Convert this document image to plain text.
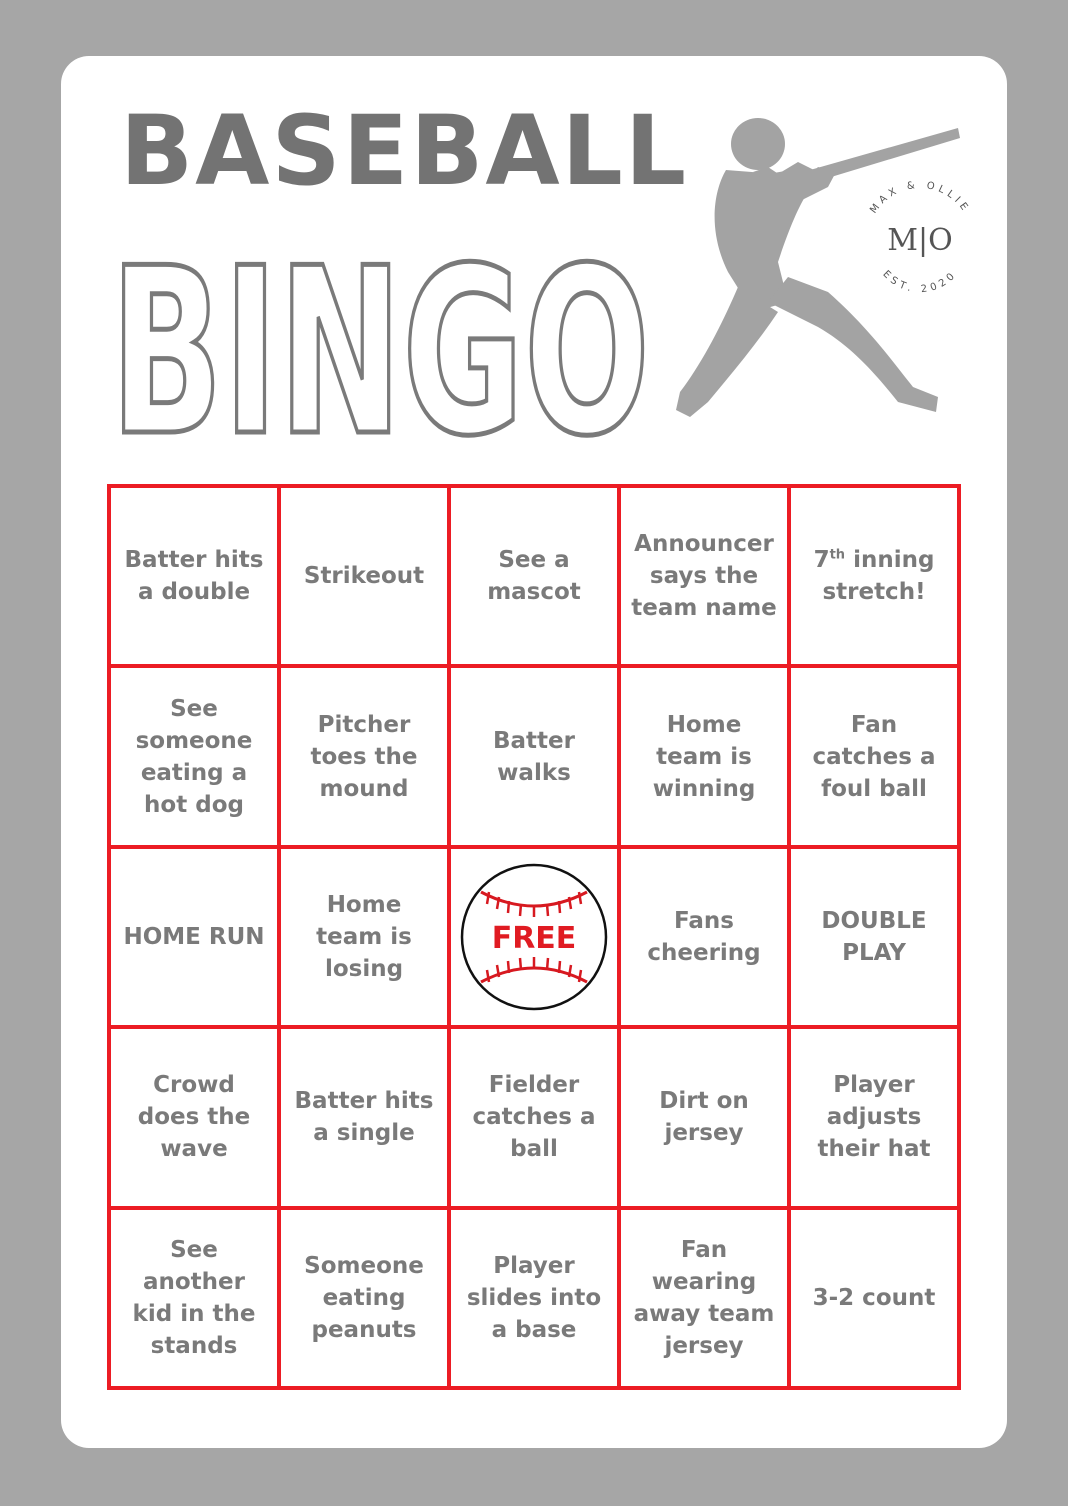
BASEBALL
BINGO
MAX & OLLIE
M|O
EST. 2020
Batter hits a double
Strikeout
See a mascot
Announcer says the team name
7th inning stretch!
See someone eating a hot dog
Pitcher toes the mound
Batter walks
Home team is winning
Fan catches a foul ball
HOME RUN
Home team is losing
FREE	Fans cheering
DOUBLE PLAY
Crowd does the wave
Batter hits a single
Fielder catches a ball
Dirt on jersey
Player adjusts their hat
See another kid in the stands
Someone eating peanuts
Player slides into a base
Fan wearing away team jersey
3-2 count
